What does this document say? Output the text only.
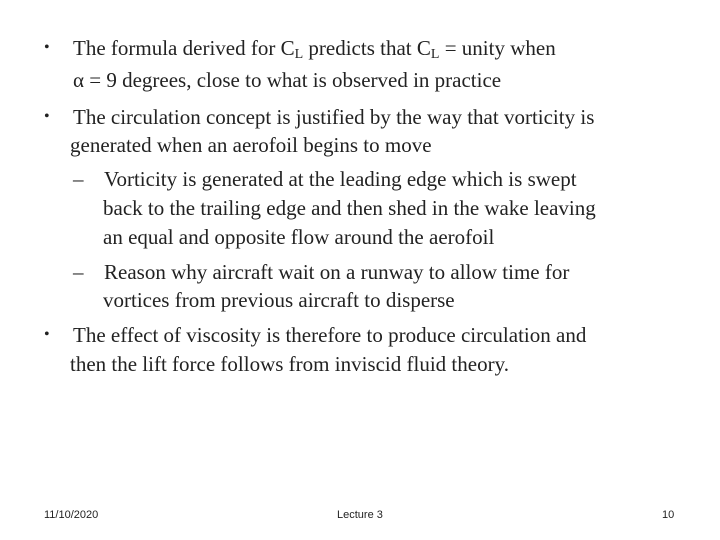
• The formula derived for $C_L$ predicts that $C_L$ = unity when
α = 9 degrees, close to what is observed in practice
• The circulation concept is justified by the way that vorticity is
generated when an aerofoil begins to move
– Vorticity is generated at the leading edge which is swept
back to the trailing edge and then shed in the wake leaving
an equal and opposite flow around the aerofoil
– Reason why aircraft wait on a runway to allow time for
vortices from previous aircraft to disperse
• The effect of viscosity is therefore to produce circulation and
then the lift force follows from inviscid fluid theory.
11/10/2020	Lecture 3	10
